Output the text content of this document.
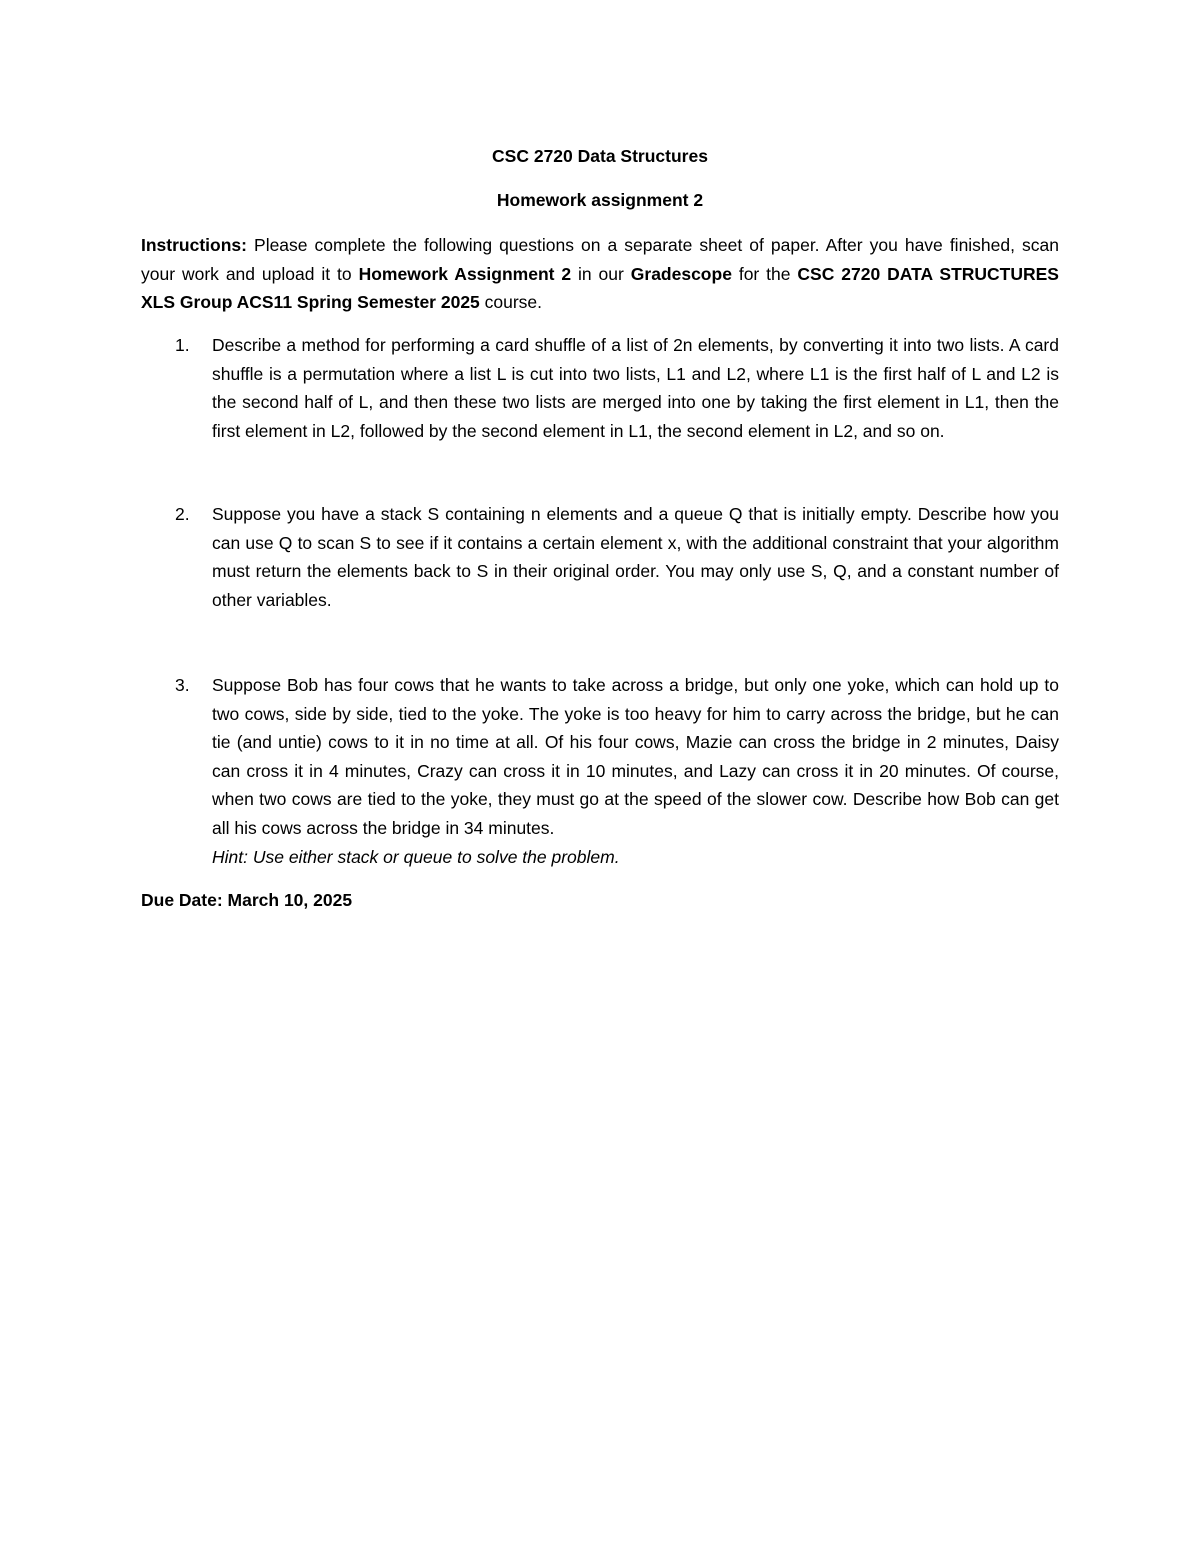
CSC 2720 Data Structures
Homework assignment 2
Instructions: Please complete the following questions on a separate sheet of paper. After you have finished, scan your work and upload it to Homework Assignment 2 in our Gradescope for the CSC 2720 DATA STRUCTURES XLS Group ACS11 Spring Semester 2025 course.
1.	Describe a method for performing a card shuffle of a list of 2n elements, by converting it into two lists. A card shuffle is a permutation where a list L is cut into two lists, L1 and L2, where L1 is the first half of L and L2 is the second half of L, and then these two lists are merged into one by taking the first element in L1, then the first element in L2, followed by the second element in L1, the second element in L2, and so on.
2.	Suppose you have a stack S containing n elements and a queue Q that is initially empty. Describe how you can use Q to scan S to see if it contains a certain element x, with the additional constraint that your algorithm must return the elements back to S in their original order. You may only use S, Q, and a constant number of other variables.
3.	Suppose Bob has four cows that he wants to take across a bridge, but only one yoke, which can hold up to two cows, side by side, tied to the yoke. The yoke is too heavy for him to carry across the bridge, but he can tie (and untie) cows to it in no time at all. Of his four cows, Mazie can cross the bridge in 2 minutes, Daisy can cross it in 4 minutes, Crazy can cross it in 10 minutes, and Lazy can cross it in 20 minutes. Of course, when two cows are tied to the yoke, they must go at the speed of the slower cow. Describe how Bob can get all his cows across the bridge in 34 minutes.
Hint: Use either stack or queue to solve the problem.
Due Date: March 10, 2025
